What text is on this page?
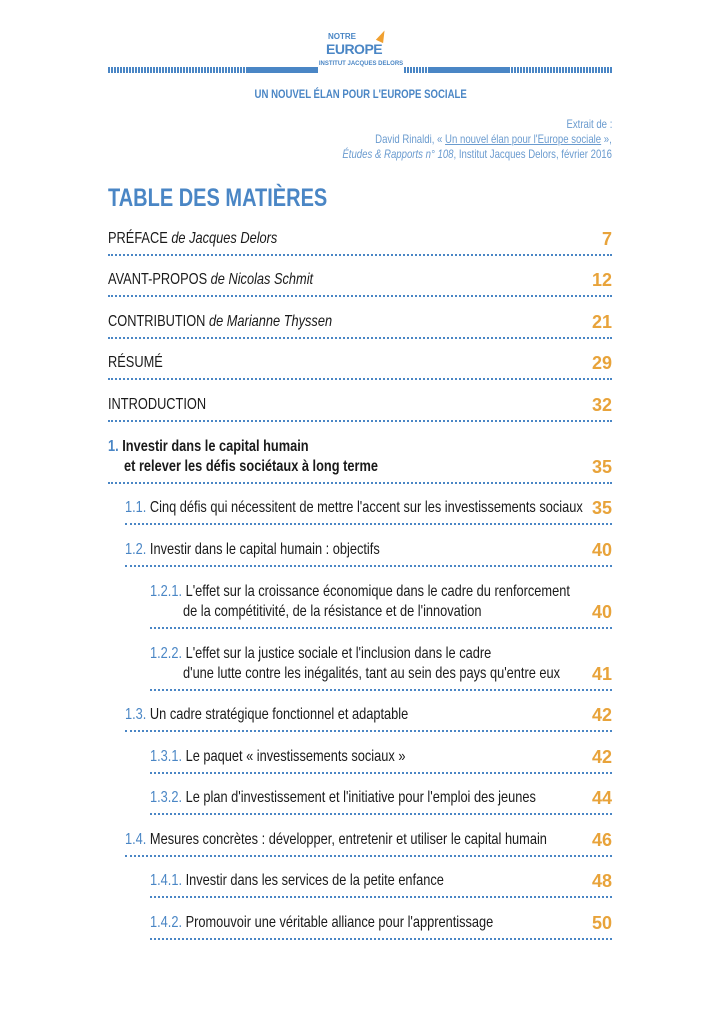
NOTRE
EUROPE
INSTITUT JACQUES DELORS
UN NOUVEL ÉLAN POUR L'EUROPE SOCIALE
Extrait de :
David Rinaldi, « Un nouvel élan pour l'Europe sociale »,
Études & Rapports n° 108, Institut Jacques Delors, février 2016
TABLE DES MATIÈRES
PRÉFACE de Jacques Delors	7
AVANT-PROPOS de Nicolas Schmit	12
CONTRIBUTION de Marianne Thyssen	21
RÉSUMÉ	29
INTRODUCTION	32
1. Investir dans le capital humain
et relever les défis sociétaux à long terme	35
1.1. Cinq défis qui nécessitent de mettre l'accent sur les investissements sociaux 35
1.2. Investir dans le capital humain : objectifs	40
1.2.1. L'effet sur la croissance économique dans le cadre du renforcement
de la compétitivité, de la résistance et de l'innovation	40
1.2.2. L'effet sur la justice sociale et l'inclusion dans le cadre
d'une lutte contre les inégalités, tant au sein des pays qu'entre eux	41
1.3. Un cadre stratégique fonctionnel et adaptable	42
1.3.1. Le paquet « investissements sociaux »	42
1.3.2. Le plan d'investissement et l'initiative pour l'emploi des jeunes	44
1.4. Mesures concrètes : développer, entretenir et utiliser le capital humain	46
1.4.1. Investir dans les services de la petite enfance	48
1.4.2. Promouvoir une véritable alliance pour l'apprentissage	50
